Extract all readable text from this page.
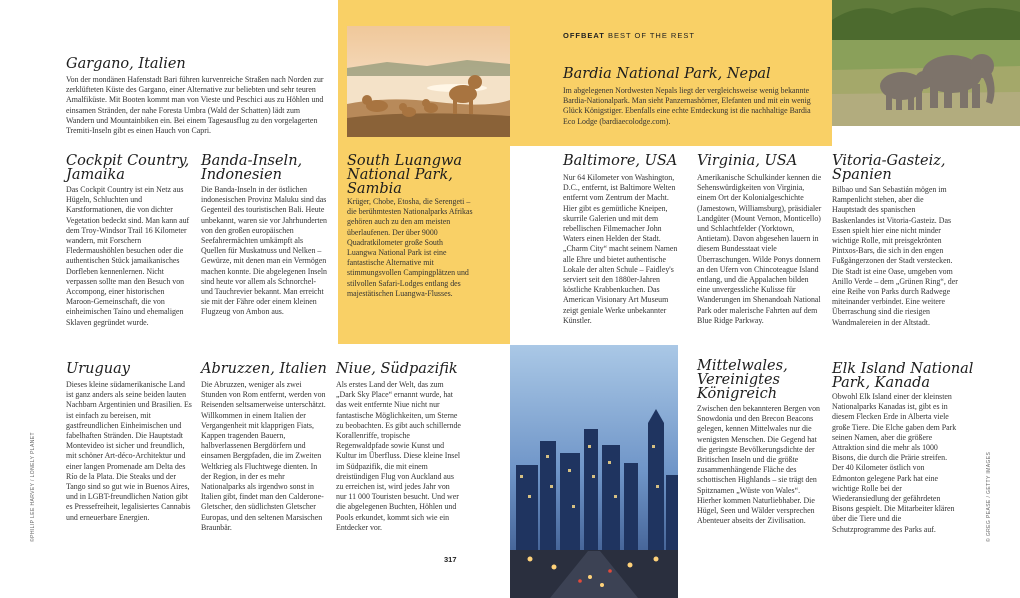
Gargano, Italien

Von der mondänen Hafenstadt Bari führen kurvenreiche Straßen nach Norden zur zerklüfteten Küste des Gargano, einer Alternative zur beliebten und sehr teuren Amalfiküste. Mit Booten kommt man von Vieste und Peschici aus zu Höhlen und einsamen Stränden, der nahe Foresta Umbra (Wald der Schatten) lädt zum Wandern und Mountainbiken ein. Bei einem Tagesausflug zu den vorgelagerten Tremiti-Inseln gibt es einen Hauch von Capri.

OFFBEAT BEST OF THE REST
Bardia National Park, Nepal

Im abgelegenen Nordwesten Nepals liegt der vergleichsweise wenig bekannte Bardia-Nationalpark. Man sieht Panzernashörner, Elefanten und mit ein wenig Glück Königstiger. Ebenfalls eine echte Entdeckung ist die nachhaltige Bardia Eco Lodge (bardiaecolodge.com).

Cockpit Country,
Jamaika

Das Cockpit Country ist ein Netz aus Hügeln, Schluchten und Karstformationen, die von dichter Vegetation bedeckt sind. Man kann auf dem Troy-Windsor Trail 16 Kilometer wandern, mit Forschern Fledermaushöhlen besuchen oder die authentischen Stück jamaikanisches Dorfleben kennenlernen. Nicht verpassen sollte man den Besuch von Accompong, einer historischen Maroon-Gemeinschaft, die von einheimischen Taíno und ehemaligen Sklaven gegründet wurde.

Banda-Inseln,
Indonesien

Die Banda-Inseln in der östlichen indonesischen Provinz Maluku sind das Gegenteil des touristischen Bali. Heute unbekannt, waren sie vor Jahrhunderten von den großen europäischen Seefahrermächten umkämpft als Quellen für Muskatnuss und Nelken – Gewürze, mit denen man ein Vermögen machen konnte. Die abgelegenen Inseln sind heute vor allem als Schnorchel- und Tauchrevier bekannt. Man erreicht sie mit der Fähre oder einem kleinen Flugzeug von Ambon aus.

South Luangwa
National Park,
Sambia

Krüger, Chobe, Etosha, die Serengeti – die berühmtesten Nationalparks Afrikas gehören auch zu den am meisten überlaufenen. Der über 9000 Quadratkilometer große South Luangwa National Park ist eine fantastische Alternative mit stimmungsvollen Campingplätzen und stilvollen Safari-Lodges entlang des majestätischen Luangwa-Flusses.

Baltimore, USA

Nur 64 Kilometer von Washington, D.C., entfernt, ist Baltimore Welten entfernt vom Zentrum der Macht. Hier gibt es gemütliche Kneipen, skurrile Galerien und mit dem rebellischen Filmemacher John Waters einen Helden der Stadt. „Charm City“ macht seinem Namen alle Ehre und bietet authentische Lokale der alten Schule – Faidley's serviert seit den 1880er-Jahren köstliche Krabbenkuchen. Das American Visionary Art Museum zeigt geniale Werke unbekannter Künstler.

Virginia, USA

Amerikanische Schulkinder kennen die Sehenswürdigkeiten von Virginia, einem Ort der Kolonialgeschichte (Jamestown, Williamsburg), präsidialer Landgüter (Mount Vernon, Monticello) und Schlachtfelder (Yorktown, Antietam). Davon abgesehen lauern in diesem Bundesstaat viele Überraschungen. Wilde Ponys donnern an den Ufern von Chincoteague Island entlang, und die Appalachen bilden eine unvergessliche Kulisse für Wanderungen im Shenandoah National Park oder malerische Fahrten auf dem Blue Ridge Parkway.

Vitoria-Gasteiz,
Spanien

Bilbao und San Sebastián mögen im Rampenlicht stehen, aber die Hauptstadt des spanischen Baskenlandes ist Vitoria-Gasteiz. Das Essen spielt hier eine nicht minder wichtige Rolle, mit preisgekrönten Pintxos-Bars, die sich in den engen Fußgängerzonen der Stadt verstecken. Die Stadt ist eine Oase, umgeben vom Anillo Verde – dem „Grünen Ring“, der eine Reihe von Parks durch Radwege miteinander verbindet. Eine weitere Überraschung sind die riesigen Wandmalereien in der Altstadt.

Uruguay

Dieses kleine südamerikanische Land ist ganz anders als seine beiden lauten Nachbarn Argentinien und Brasilien. Es ist einfach zu bereisen, mit gastfreundlichen Einheimischen und fabelhaften Stränden. Die Hauptstadt Montevideo ist sicher und freundlich, mit schöner Art-déco-Architektur und einer langen Promenade am Delta des Río de la Plata. Die Steaks und der Tango sind so gut wie in Buenos Aires, und in LGBT-freundlichen Nation gibt es Pressefreiheit, legalisiertes Cannabis und erneuerbare Energien.

Abruzzen, Italien

Die Abruzzen, weniger als zwei Stunden von Rom entfernt, werden von Reisenden seltsamerweise unterschätzt. Willkommen in einem Italien der Vergangenheit mit klapprigen Fiats, Kappen tragenden Bauern, halbverlassenen Bergdörfern und einsamen Bergpfaden, die im Zweiten Weltkrieg als Fluchtwege dienten. In der Region, in der es mehr Nationalparks als irgendwo sonst in Italien gibt, findet man den Calderone-Gletscher, den südlichsten Gletscher Europas, und den seltenen Marsischen Braunbär.

Niue, Südpazifik

Als erstes Land der Welt, das zum „Dark Sky Place“ ernannt wurde, hat das weit entfernte Niue nicht nur fantastische Möglichkeiten, um Sterne zu beobachten. Es gibt auch schillernde Korallenriffe, tropische Regenwaldpfade sowie Kunst und Kultur im Überfluss. Diese kleine Insel im Südpazifik, die mit einem dreistündigen Flug von Auckland aus zu erreichen ist, wird jedes Jahr von nur 11 000 Touristen besucht. Und wer die abgelegenen Buchten, Höhlen und Pools erkundet, kommt sich wie ein Entdecker vor.

Mittelwales,
Vereinigtes
Königreich

Zwischen den bekannteren Bergen von Snowdonia und den Brecon Beacons gelegen, kennen Mittelwales nur die wenigsten Menschen. Die Gegend hat die geringste Bevölkerungsdichte der Britischen Inseln und die größte zusammenhängende Fläche des schottischen Highlands – sie trägt den Spitznamen „Wüste von Wales“. Hierher kommen Naturliebhaber. Die Hügel, Seen und Wälder versprechen Abenteuer abseits der Zivilisation.

Elk Island National
Park, Kanada

Obwohl Elk Island einer der kleinsten Nationalparks Kanadas ist, gibt es in diesem Flecken Erde in Alberta viele große Tiere. Die Elche gaben dem Park seinen Namen, aber die größere Attraktion sind die mehr als 1000 Bisons, die durch die Prärie streifen. Der 40 Kilometer östlich von Edmonton gelegene Park hat eine wichtige Rolle bei der Wiederansiedlung der gefährdeten Bisons gespielt. Die Mitarbeiter klären über die Tiere und die Schutzprogramme des Parks auf.

317
©PHILIP LEE HARVEY / LONELY PLANET	© GREG PEASE / GETTY IMAGES
